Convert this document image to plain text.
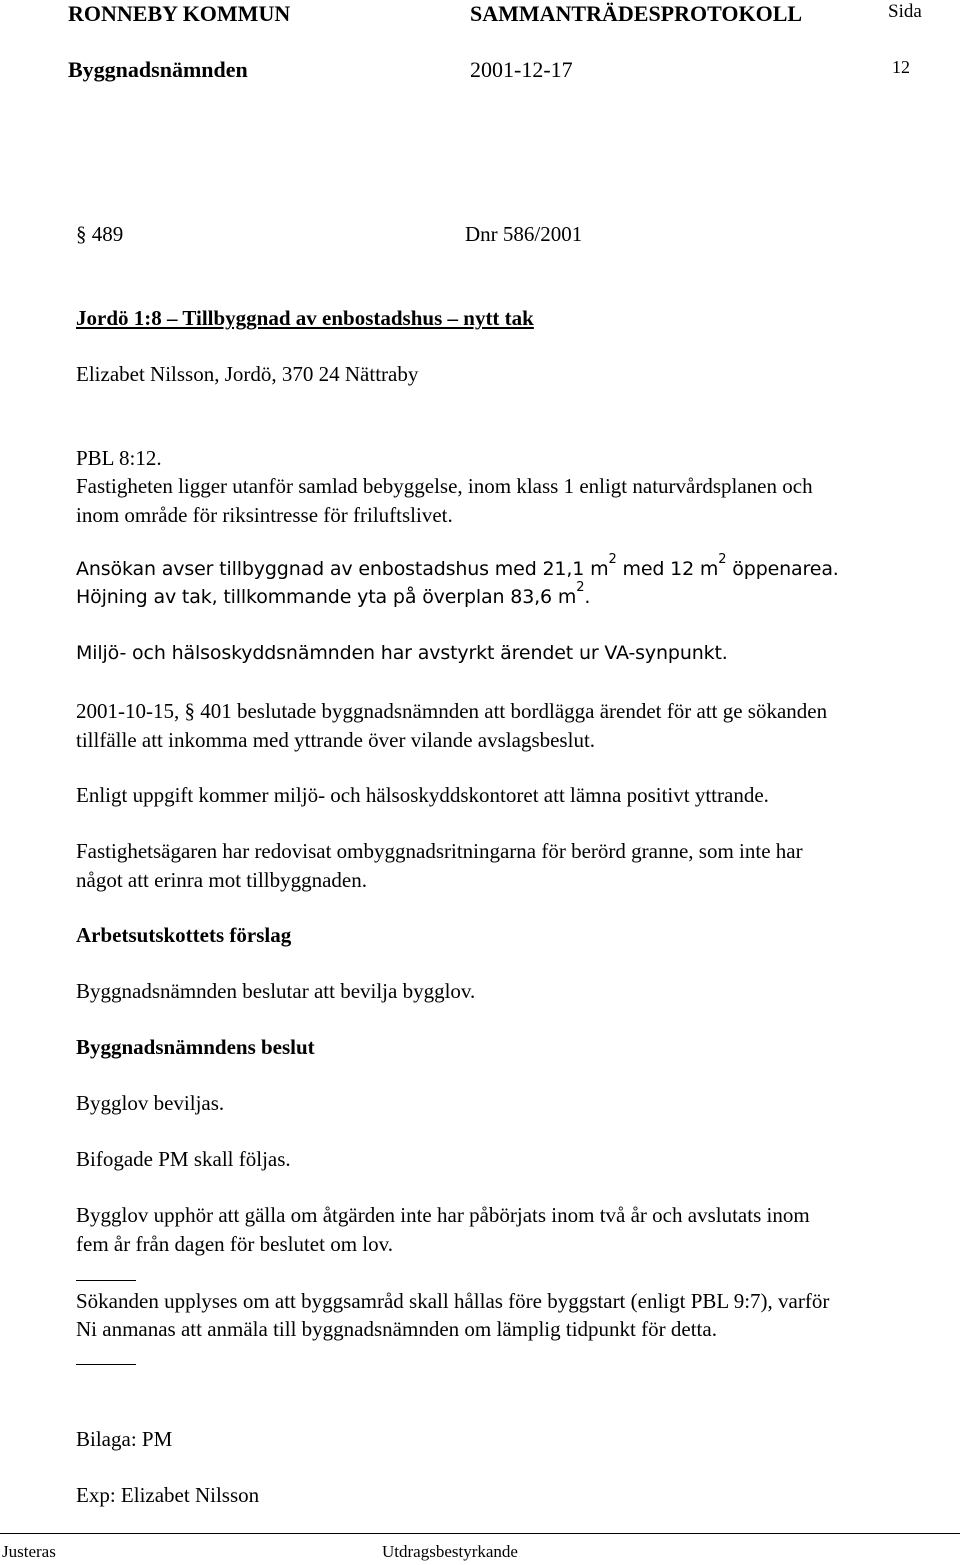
RONNEBY KOMMUN	SAMMANTRÄDESPROTOKOLL	Sida
Byggnadsnämnden	2001-12-17	12
§ 489	Dnr 586/2001
Jordö 1:8 – Tillbyggnad av enbostadshus – nytt tak
Elizabet Nilsson, Jordö, 370 24 Nättraby
PBL 8:12.
Fastigheten ligger utanför samlad bebyggelse, inom klass 1 enligt naturvårdsplanen och
inom område för riksintresse för friluftslivet.
Ansökan avser tillbyggnad av enbostadshus med 21,1 $m^2$ med 12 $m^2$ öppenarea.
Höjning av tak, tillkommande yta på överplan 83,6 $m^2$.
Miljö- och hälsoskyddsnämnden har avstyrkt ärendet ur VA-synpunkt.
2001-10-15, § 401 beslutade byggnadsnämnden att bordlägga ärendet för att ge sökanden
tillfälle att inkomma med yttrande över vilande avslagsbeslut.
Enligt uppgift kommer miljö- och hälsoskyddskontoret att lämna positivt yttrande.
Fastighetsägaren har redovisat ombyggnadsritningarna för berörd granne, som inte har
något att erinra mot tillbyggnaden.
Arbetsutskottets förslag
Byggnadsnämnden beslutar att bevilja bygglov.
Byggnadsnämndens beslut
Bygglov beviljas.
Bifogade PM skall följas.
Bygglov upphör att gälla om åtgärden inte har påbörjats inom två år och avslutats inom
fem år från dagen för beslutet om lov.
Sökanden upplyses om att byggsamråd skall hållas före byggstart (enligt PBL 9:7), varför
Ni anmanas att anmäla till byggnadsnämnden om lämplig tidpunkt för detta.
Bilaga: PM
Exp: Elizabet Nilsson
Justeras	Utdragsbestyrkande
